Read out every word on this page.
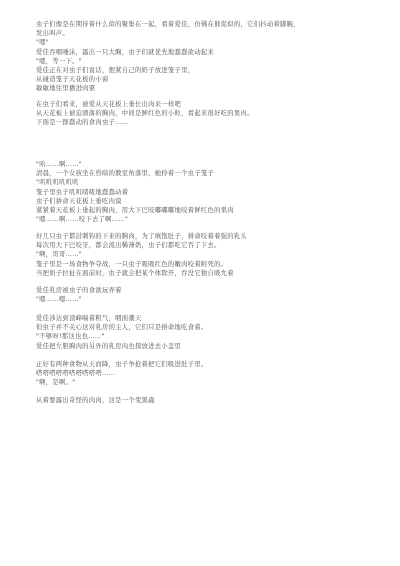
虫子们像是在期待着什么似的聚集在一起，看着爱佳，仿佛在催促似的，它们抖动着脚腕，
发出叫声。
"嗯"
爱佳吞咽唾沫，露出一只大胸，虫子们就优先地蠢蠢欲动起来
"嗯，等一下。"
爱佳正在对虫子们说话，抱紧自己的奶子放进笼子里，
从碰造笼子天花板的小窗
敏敏地往里播进肉粟
在虫子们看来，被爱从天花板上垂长出肉来一样吧
从天花板上被迫滑落的胸肉，中间是鲜红色的小粒，看起来很好吃的果肉。
下面是一群蠢动的食肉虫子……
"哈……啊……"
清晨，一个女孩坐在昏暗的教室角落里，她拎着一个虫子笼子
"叽叽叽叽叽叽
笼子里虫子叽叽喳喳地蠢蠢动着
虫子们拼命天花板上垂吃肉馍
紧紧着天花板上垂起的胸肉，用大下巴咬嘟嘟嘟地咬着鲜红色的果肉
"嗯……啊……咬下去了啊……"
好几只虫子都討刺钩的下来的胸肉，为了填饱肚子，拼命咬着着强的乳头
每次用大下巴咬牙，都会流出稀薄奶，虫子们都吃它吞了下去。
"啊，哥哥……"
笼子里是一场食物争夺战，一只虫子吸吸红色的嫩肉咬着附死的。
当把奶子拉扯在面前时，虫子就会把某个体除开，吞没它独自吸允着
爱佳乳房被虫子的食欲玩弄着
"嗯……嗯……"
爱佳涉达到顶峰喘着粗气，咽面潮天
但虫子并不关心这对乳房的主人，它们只是拼命地吃食着。
"不够呀!那这也也……"
爱佳把左胆胸肉的另外的乳房肉也探放进去小盖里
正好有两种食物从天而降，虫子争抢着把它们吸进肚子里。
嗒嗒嗒嗒嗒嗒嗒嗒嗒嗒……
"啊，是啊。"
从着要露出奇怪的肉肉，这是一个变黑蟲
